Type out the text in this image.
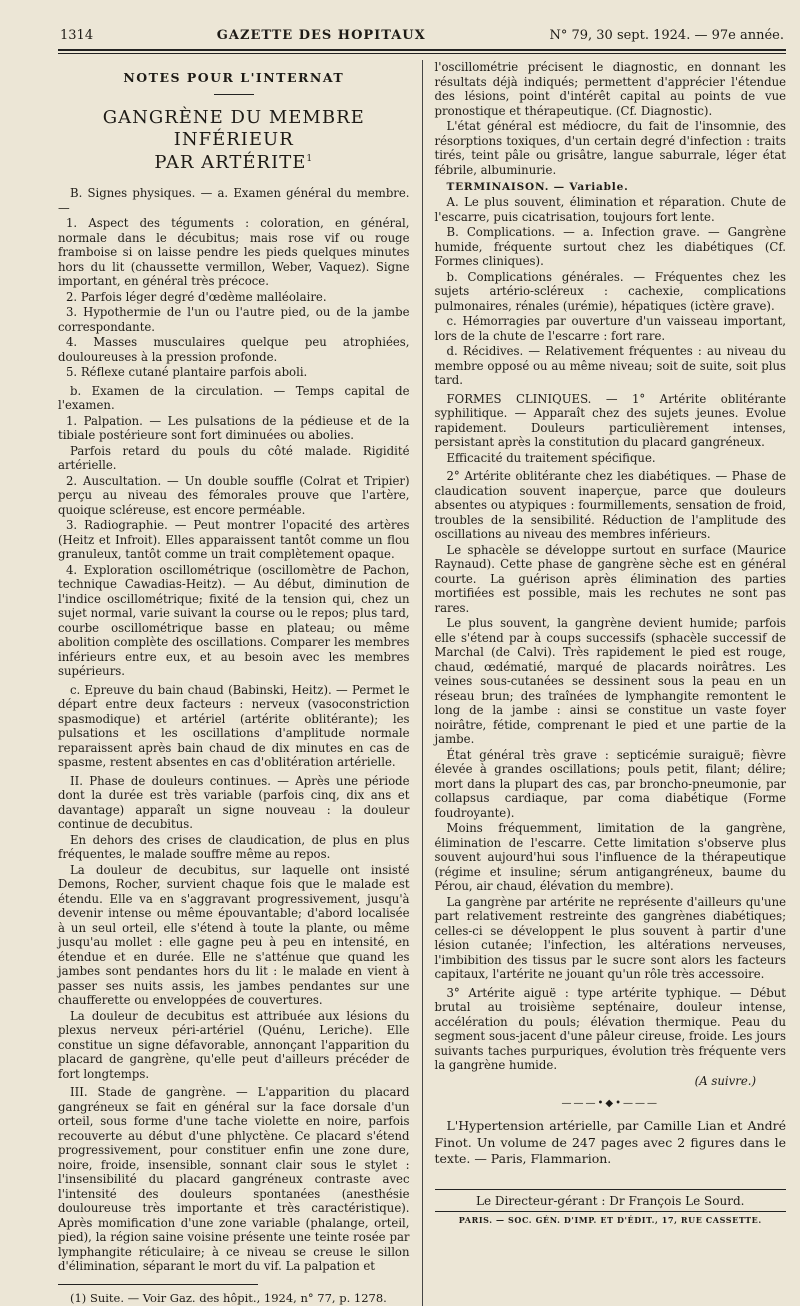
1314	GAZETTE DES HOPITAUX	N° 79, 30 sept. 1924. — 97e année.
NOTES POUR L'INTERNAT
GANGRÈNE DU MEMBRE INFÉRIEUR
PAR ARTÉRITE$^1$

B. Signes physiques. — a. Examen général du membre. —

1. Aspect des téguments : coloration, en général, normale dans le décubitus; mais rose vif ou rouge framboise si on laisse pendre les pieds quelques minutes hors du lit (chaussette vermillon, Weber, Vaquez). Signe important, en général très précoce.

2. Parfois léger degré d'œdème malléolaire.

3. Hypothermie de l'un ou l'autre pied, ou de la jambe correspondante.

4. Masses musculaires quelque peu atrophiées, douloureuses à la pression profonde.

5. Réflexe cutané plantaire parfois aboli.

b. Examen de la circulation. — Temps capital de l'examen.

1. Palpation. — Les pulsations de la pédieuse et de la tibiale postérieure sont fort diminuées ou abolies.

Parfois retard du pouls du côté malade. Rigidité artérielle.

2. Auscultation. — Un double souffle (Colrat et Tripier) perçu au niveau des fémorales prouve que l'artère, quoique scléreuse, est encore perméable.

3. Radiographie. — Peut montrer l'opacité des artères (Heitz et Infroit). Elles apparaissent tantôt comme un flou granuleux, tantôt comme un trait complètement opaque.

4. Exploration oscillométrique (oscillomètre de Pachon, technique Cawadias-Heitz). — Au début, diminution de l'indice oscillométrique; fixité de la tension qui, chez un sujet normal, varie suivant la course ou le repos; plus tard, courbe oscillométrique basse en plateau; ou même abolition complète des oscillations. Comparer les membres inférieurs entre eux, et au besoin avec les membres supérieurs.

c. Epreuve du bain chaud (Babinski, Heitz). — Permet le départ entre deux facteurs : nerveux (vasoconstriction spasmodique) et artériel (artérite oblitérante); les pulsations et les oscillations d'amplitude normale reparaissent après bain chaud de dix minutes en cas de spasme, restent absentes en cas d'oblitération artérielle.

II. Phase de douleurs continues. — Après une période dont la durée est très variable (parfois cinq, dix ans et davantage) apparaît un signe nouveau : la douleur continue de decubitus.

En dehors des crises de claudication, de plus en plus fréquentes, le malade souffre même au repos.

La douleur de decubitus, sur laquelle ont insisté Demons, Rocher, survient chaque fois que le malade est étendu. Elle va en s'aggravant progressivement, jusqu'à devenir intense ou même épouvantable; d'abord localisée à un seul orteil, elle s'étend à toute la plante, ou même jusqu'au mollet : elle gagne peu à peu en intensité, en étendue et en durée. Elle ne s'atténue que quand les jambes sont pendantes hors du lit : le malade en vient à passer ses nuits assis, les jambes pendantes sur une chaufferette ou enveloppées de couvertures.

La douleur de decubitus est attribuée aux lésions du plexus nerveux péri-artériel (Quénu, Leriche). Elle constitue un signe défavorable, annonçant l'apparition du placard de gangrène, qu'elle peut d'ailleurs précéder de fort longtemps.

III. Stade de gangrène. — L'apparition du placard gangréneux se fait en général sur la face dorsale d'un orteil, sous forme d'une tache violette en noire, parfois recouverte au début d'une phlyctène. Ce placard s'étend progressivement, pour constituer enfin une zone dure, noire, froide, insensible, sonnant clair sous le stylet : l'insensibilité du placard gangréneux contraste avec l'intensité des douleurs spontanées (anesthésie douloureuse très importante et très caractéristique). Après momification d'une zone variable (phalange, orteil, pied), la région saine voisine présente une teinte rosée par lymphangite réticulaire; à ce niveau se creuse le sillon d'élimination, séparant le mort du vif. La palpation et

(1) Suite. — Voir Gaz. des hôpit., 1924, n° 77, p. 1278.

l'oscillométrie précisent le diagnostic, en donnant les résultats déjà indiqués; permettent d'apprécier l'étendue des lésions, point d'intérêt capital au points de vue pronostique et thérapeutique. (Cf. Diagnostic).

L'état général est médiocre, du fait de l'insomnie, des résorptions toxiques, d'un certain degré d'infection : traits tirés, teint pâle ou grisâtre, langue saburrale, léger état fébrile, albuminurie.

TERMINAISON. — Variable.

A. Le plus souvent, élimination et réparation. Chute de l'escarre, puis cicatrisation, toujours fort lente.

B. Complications. — a. Infection grave. — Gangrène humide, fréquente surtout chez les diabétiques (Cf. Formes cliniques).

b. Complications générales. — Fréquentes chez les sujets artério-scléreux : cachexie, complications pulmonaires, rénales (urémie), hépatiques (ictère grave).

c. Hémorragies par ouverture d'un vaisseau important, lors de la chute de l'escarre : fort rare.

d. Récidives. — Relativement fréquentes : au niveau du membre opposé ou au même niveau; soit de suite, soit plus tard.

FORMES CLINIQUES. — 1° Artérite oblitérante syphilitique. — Apparaît chez des sujets jeunes. Evolue rapidement. Douleurs particulièrement intenses, persistant après la constitution du placard gangréneux.

Efficacité du traitement spécifique.

2° Artérite oblitérante chez les diabétiques. — Phase de claudication souvent inaperçue, parce que douleurs absentes ou atypiques : fourmillements, sensation de froid, troubles de la sensibilité. Réduction de l'amplitude des oscillations au niveau des membres inférieurs.

Le sphacèle se développe surtout en surface (Maurice Raynaud). Cette phase de gangrène sèche est en général courte. La guérison après élimination des parties mortifiées est possible, mais les rechutes ne sont pas rares.

Le plus souvent, la gangrène devient humide; parfois elle s'étend par à coups successifs (sphacèle successif de Marchal (de Calvi). Très rapidement le pied est rouge, chaud, œdématié, marqué de placards noirâtres. Les veines sous-cutanées se dessinent sous la peau en un réseau brun; des traînées de lymphangite remontent le long de la jambe : ainsi se constitue un vaste foyer noirâtre, fétide, comprenant le pied et une partie de la jambe.

État général très grave : septicémie suraiguë; fièvre élevée à grandes oscillations; pouls petit, filant; délire; mort dans la plupart des cas, par broncho-pneumonie, par collapsus cardiaque, par coma diabétique (Forme foudroyante).

Moins fréquemment, limitation de la gangrène, élimination de l'escarre. Cette limitation s'observe plus souvent aujourd'hui sous l'influence de la thérapeutique (régime et insuline; sérum antigangréneux, baume du Pérou, air chaud, élévation du membre).

La gangrène par artérite ne représente d'ailleurs qu'une part relativement restreinte des gangrènes diabétiques; celles-ci se développent le plus souvent à partir d'une lésion cutanée; l'infection, les altérations nerveuses, l'imbibition des tissus par le sucre sont alors les facteurs capitaux, l'artérite ne jouant qu'un rôle très accessoire.

3° Artérite aiguë : type artérite typhique. — Début brutal au troisième septénaire, douleur intense, accélération du pouls; élévation thermique. Peau du segment sous-jacent d'une pâleur cireuse, froide. Les jours suivants taches purpuriques, évolution très fréquente vers la gangrène humide.

(A suivre.)

———•◆•———

L'Hypertension artérielle, par Camille Lian et André Finot. Un volume de 247 pages avec 2 figures dans le texte. — Paris, Flammarion.

Le Directeur-gérant : Dr François Le Sourd.
PARIS. — SOC. GÉN. D'IMP. ET D'ÉDIT., 17, RUE CASSETTE.
